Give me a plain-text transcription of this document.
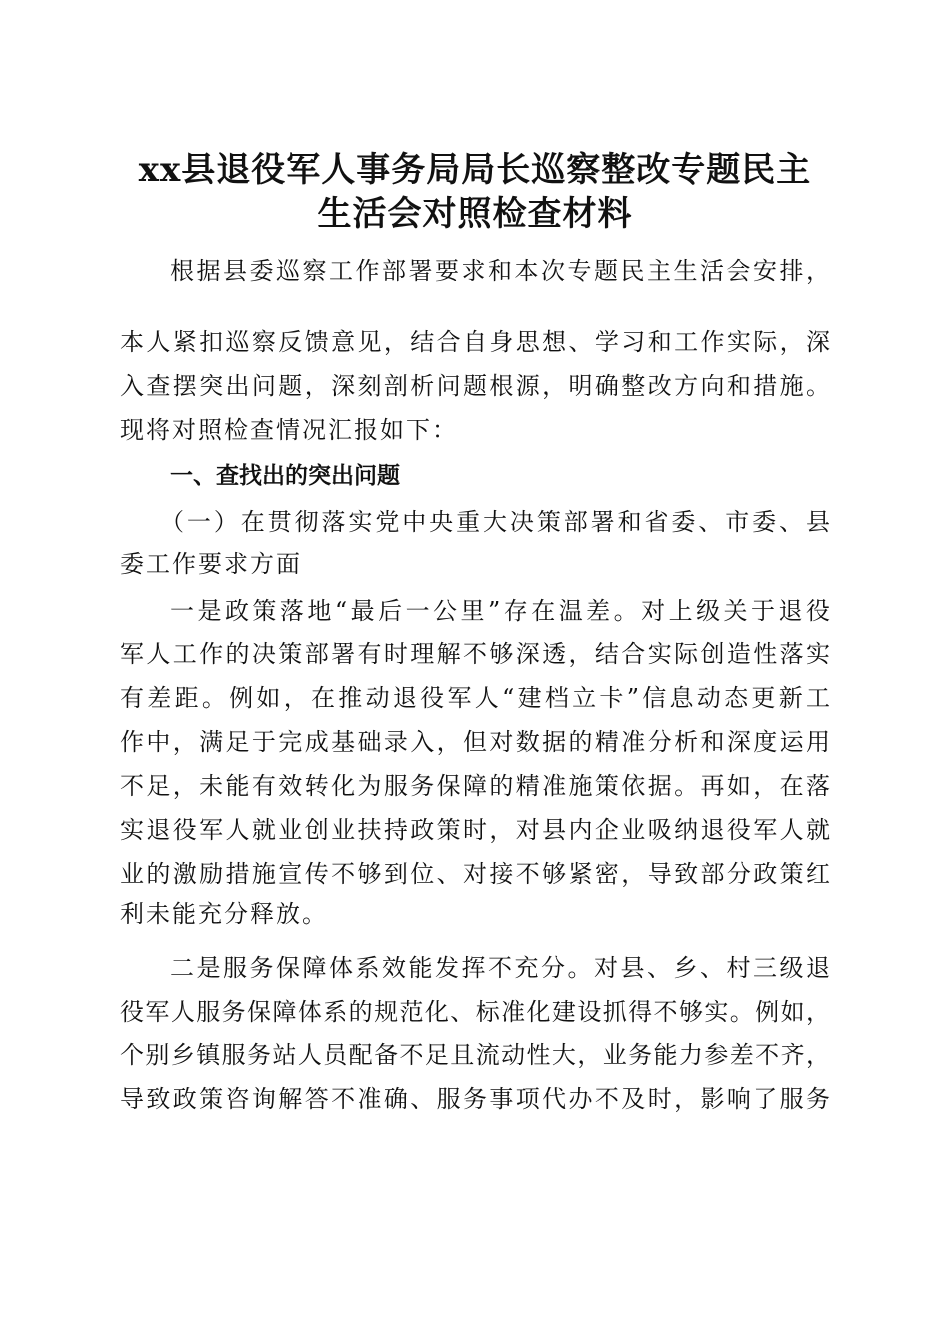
xx县退役军人事务局局长巡察整改专题民主
生活会对照检查材料
根据县委巡察工作部署要求和本次专题民主生活会安排，
本人紧扣巡察反馈意见，结合自身思想、学习和工作实际，深
入查摆突出问题，深刻剖析问题根源，明确整改方向和措施。
现将对照检查情况汇报如下：
一、查找出的突出问题
（一）在贯彻落实党中央重大决策部署和省委、市委、县
委工作要求方面
一是政策落地“最后一公里”存在温差。对上级关于退役
军人工作的决策部署有时理解不够深透，结合实际创造性落实
有差距。例如，在推动退役军人“建档立卡”信息动态更新工
作中，满足于完成基础录入，但对数据的精准分析和深度运用
不足，未能有效转化为服务保障的精准施策依据。再如，在落
实退役军人就业创业扶持政策时，对县内企业吸纳退役军人就
业的激励措施宣传不够到位、对接不够紧密，导致部分政策红
利未能充分释放。
二是服务保障体系效能发挥不充分。对县、乡、村三级退
役军人服务保障体系的规范化、标准化建设抓得不够实。例如，
个别乡镇服务站人员配备不足且流动性大，业务能力参差不齐，
导致政策咨询解答不准确、服务事项代办不及时，影响了服务
